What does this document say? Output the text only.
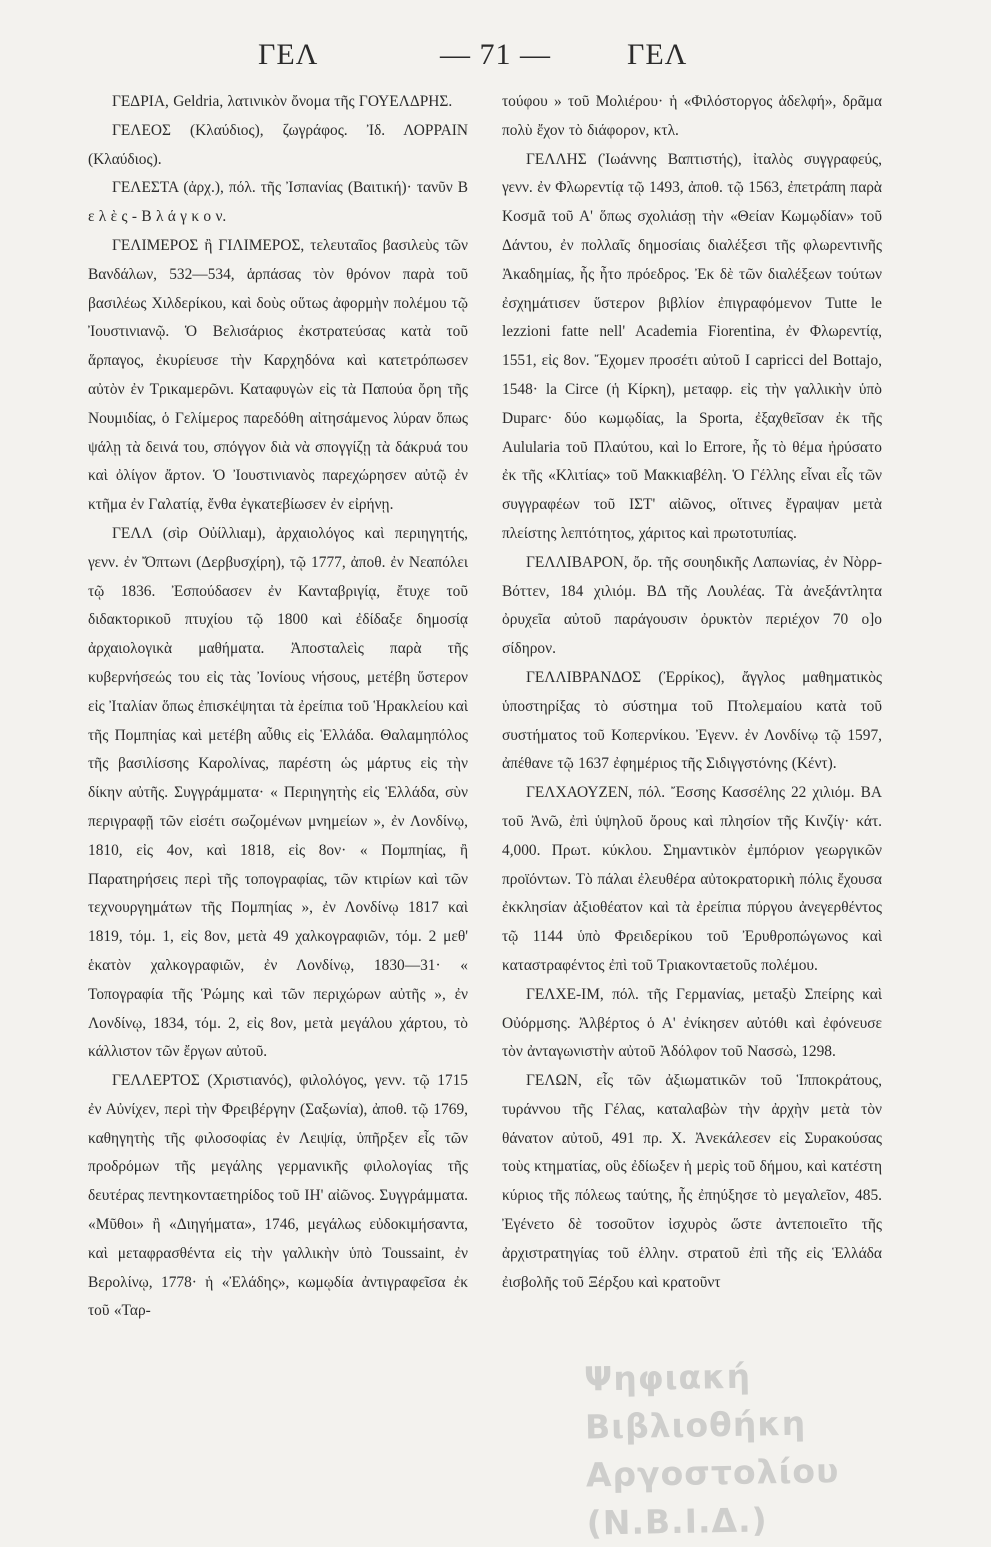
ΓΕΛ	— 71 —	ΓΕΛ

ΓΕΔΡΙΑ, Geldria, λατινικὸν ὄνομα τῆς ΓΟΥΕΛΔΡΗΣ.

ΓΕΛΕΟΣ (Κλαύδιος), ζωγράφος. Ἰδ. ΛΟΡΡΑΙΝ (Κλαύδιος).

ΓΕΛΕΣΤΑ (ἀρχ.), πόλ. τῆς Ἰσπανίας (Βαιτική)· τανῦν Β ε λ ὲ ς - Β λ ά γ κ ο ν.

ΓΕΛΙΜΕΡΟΣ ἢ ΓΙΛΙΜΕΡΟΣ, τελευταῖος βασιλεὺς τῶν Βανδάλων, 532—534, ἁρπάσας τὸν θρόνον παρὰ τοῦ βασιλέως Χιλδερίκου, καὶ δοὺς οὕτως ἀφορμὴν πολέμου τῷ Ἰουστινιανῷ. Ὁ Βελισάριος ἐκστρατεύσας κατὰ τοῦ ἅρπαγος, ἐκυρίευσε τὴν Καρχηδόνα καὶ κατετρόπωσεν αὐτὸν ἐν Τρικαμερῶνι. Καταφυγὼν εἰς τὰ Παπούα ὄρη τῆς Νουμιδίας, ὁ Γελίμερος παρεδόθη αἰτησάμενος λύραν ὅπως ψάλῃ τὰ δεινά του, σπόγγον διὰ νὰ σπογγίζῃ τὰ δάκρυά του καὶ ὀλίγον ἄρτον. Ὁ Ἰουστινιανὸς παρεχώρησεν αὐτῷ ἐν κτῆμα ἐν Γαλατίᾳ, ἔνθα ἐγκατεβίωσεν ἐν εἰρήνῃ.

ΓΕΛΛ (σὶρ Οὐίλλιαμ), ἀρχαιολόγος καὶ περιηγητής, γενν. ἐν Ὄπτωνι (Δερβυσχίρη), τῷ 1777, ἀποθ. ἐν Νεαπόλει τῷ 1836. Ἐσπούδασεν ἐν Κανταβριγίᾳ, ἔτυχε τοῦ διδακτορικοῦ πτυχίου τῷ 1800 καὶ ἐδίδαξε δημοσίᾳ ἀρχαιολογικὰ μαθήματα. Ἀποσταλεὶς παρὰ τῆς κυβερνήσεώς του εἰς τὰς Ἰονίους νήσους, μετέβη ὕστερον εἰς Ἰταλίαν ὅπως ἐπισκέψηται τὰ ἐρείπια τοῦ Ἡρακλείου καὶ τῆς Πομπηίας καὶ μετέβη αὖθις εἰς Ἑλλάδα. Θαλαμηπόλος τῆς βασιλίσσης Καρολίνας, παρέστη ὡς μάρτυς εἰς τὴν δίκην αὐτῆς. Συγγράμματα· « Περιηγητὴς εἰς Ἑλλάδα, σὺν περιγραφῇ τῶν εἰσέτι σωζομένων μνημείων », ἐν Λονδίνῳ, 1810, εἰς 4ον, καὶ 1818, εἰς 8ον· « Πομπηίας, ἢ Παρατηρήσεις περὶ τῆς τοπογραφίας, τῶν κτιρίων καὶ τῶν τεχνουργημάτων τῆς Πομπηίας », ἐν Λονδίνῳ 1817 καὶ 1819, τόμ. 1, εἰς 8ον, μετὰ 49 χαλκογραφιῶν, τόμ. 2 μεθ' ἑκατὸν χαλκογραφιῶν, ἐν Λονδίνῳ, 1830—31· « Τοπογραφία τῆς Ῥώμης καὶ τῶν περιχώρων αὐτῆς », ἐν Λονδίνῳ, 1834, τόμ. 2, εἰς 8ον, μετὰ μεγάλου χάρτου, τὸ κάλλιστον τῶν ἔργων αὐτοῦ.

ΓΕΛΛΕΡΤΟΣ (Χριστιανός), φιλολόγος, γενν. τῷ 1715 ἐν Αὐνίχεν, περὶ τὴν Φρειβέργην (Σαξωνία), ἀποθ. τῷ 1769, καθηγητὴς τῆς φιλοσοφίας ἐν Λειψίᾳ, ὑπῆρξεν εἷς τῶν προδρόμων τῆς μεγάλης γερμανικῆς φιλολογίας τῆς δευτέρας πεντηκονταετηρίδος τοῦ ΙΗ' αἰῶνος. Συγγράμματα. «Μῦθοι» ἢ «Διηγήματα», 1746, μεγάλως εὐδοκιμήσαντα, καὶ μεταφρασθέντα εἰς τὴν γαλλικὴν ὑπὸ Toussaint, ἐν Βερολίνῳ, 1778· ἡ «Ἐλάδης», κωμῳδία ἀντιγραφεῖσα ἐκ τοῦ «Ταρ-

τούφου » τοῦ Μολιέρου· ἡ «Φιλόστοργος ἀδελφή», δρᾶμα πολὺ ἔχον τὸ διάφορον, κτλ.

ΓΕΛΛΗΣ (Ἰωάννης Βαπτιστής), ἰταλὸς συγγραφεύς, γενν. ἐν Φλωρεντίᾳ τῷ 1493, ἀποθ. τῷ 1563, ἐπετράπη παρὰ Κοσμᾶ τοῦ Α' ὅπως σχολιάσῃ τὴν «Θείαν Κωμῳδίαν» τοῦ Δάντου, ἐν πολλαῖς δημοσίαις διαλέξεσι τῆς φλωρεντινῆς Ἀκαδημίας, ἧς ἦτο πρόεδρος. Ἐκ δὲ τῶν διαλέξεων τούτων ἐσχημάτισεν ὕστερον βιβλίον ἐπιγραφόμενον Tutte le lezzioni fatte nell' Academia Fiorentina, ἐν Φλωρεντίᾳ, 1551, εἰς 8ον. Ἔχομεν προσέτι αὐτοῦ I capricci del Bottajo, 1548· la Circe (ἡ Κίρκη), μεταφρ. εἰς τὴν γαλλικὴν ὑπὸ Duparc· δύο κωμῳδίας, la Sporta, ἐξαχθεῖσαν ἐκ τῆς Aulularia τοῦ Πλαύτου, καὶ lo Errore, ἧς τὸ θέμα ἠρύσατο ἐκ τῆς «Κλιτίας» τοῦ Μακκιαβέλη. Ὁ Γέλλης εἶναι εἷς τῶν συγγραφέων τοῦ ΙΣΤ' αἰῶνος, οἵτινες ἔγραψαν μετὰ πλείστης λεπτότητος, χάριτος καὶ πρωτοτυπίας.

ΓΕΛΛΙΒΑΡΟΝ, ὄρ. τῆς σουηδικῆς Λαπωνίας, ἐν Νὸρρ-Βόττεν, 184 χιλιόμ. ΒΔ τῆς Λουλέας. Τὰ ἀνεξάντλητα ὀρυχεῖα αὐτοῦ παράγουσιν ὀρυκτὸν περιέχον 70 ο]ο σίδηρον.

ΓΕΛΛΙΒΡΑΝΔΟΣ (Ἐρρίκος), ἄγγλος μαθηματικὸς ὑποστηρίξας τὸ σύστημα τοῦ Πτολεμαίου κατὰ τοῦ συστήματος τοῦ Κοπερνίκου. Ἐγενν. ἐν Λονδίνῳ τῷ 1597, ἀπέθανε τῷ 1637 ἐφημέριος τῆς Σιδιγγστόνης (Κέντ).

ΓΕΛΧΑΟΥΖΕΝ, πόλ. Ἔσσης Κασσέλης 22 χιλιόμ. ΒΑ τοῦ Ἀνῶ, ἐπὶ ὑψηλοῦ ὄρους καὶ πλησίον τῆς Κινζίγ· κάτ. 4,000. Πρωτ. κύκλου. Σημαντικὸν ἐμπόριον γεωργικῶν προϊόντων. Τὸ πάλαι ἐλευθέρα αὐτοκρατορικὴ πόλις ἔχουσα ἐκκλησίαν ἀξιοθέατον καὶ τὰ ἐρείπια πύργου ἀνεγερθέντος τῷ 1144 ὑπὸ Φρειδερίκου τοῦ Ἐρυθροπώγωνος καὶ καταστραφέντος ἐπὶ τοῦ Τριακονταετοῦς πολέμου.

ΓΕΛΧΕ-ΙΜ, πόλ. τῆς Γερμανίας, μεταξὺ Σπείρης καὶ Οὐόρμσης. Ἀλβέρτος ὁ Α' ἐνίκησεν αὐτόθι καὶ ἐφόνευσε τὸν ἀνταγωνιστὴν αὐτοῦ Ἀδόλφον τοῦ Νασσὼ, 1298.

ΓΕΛΩΝ, εἷς τῶν ἀξιωματικῶν τοῦ Ἱπποκράτους, τυράννου τῆς Γέλας, καταλαβὼν τὴν ἀρχὴν μετὰ τὸν θάνατον αὐτοῦ, 491 πρ. Χ. Ἀνεκάλεσεν εἰς Συρακούσας τοὺς κτηματίας, οὓς ἐδίωξεν ἡ μερὶς τοῦ δήμου, καὶ κατέστη κύριος τῆς πόλεως ταύτης, ἧς ἐπηύξησε τὸ μεγαλεῖον, 485. Ἐγένετο δὲ τοσοῦτον ἰσχυρὸς ὥστε ἀντεποιεῖτο τῆς ἀρχιστρατηγίας τοῦ ἑλλην. στρατοῦ ἐπὶ τῆς εἰς Ἑλλάδα ἐισβολῆς τοῦ Ξέρξου καὶ κρατοῦντ

Ψηφιακή Βιβλιοθήκη
Αργοστολίου (Ν.Β.Ι.Δ.)
